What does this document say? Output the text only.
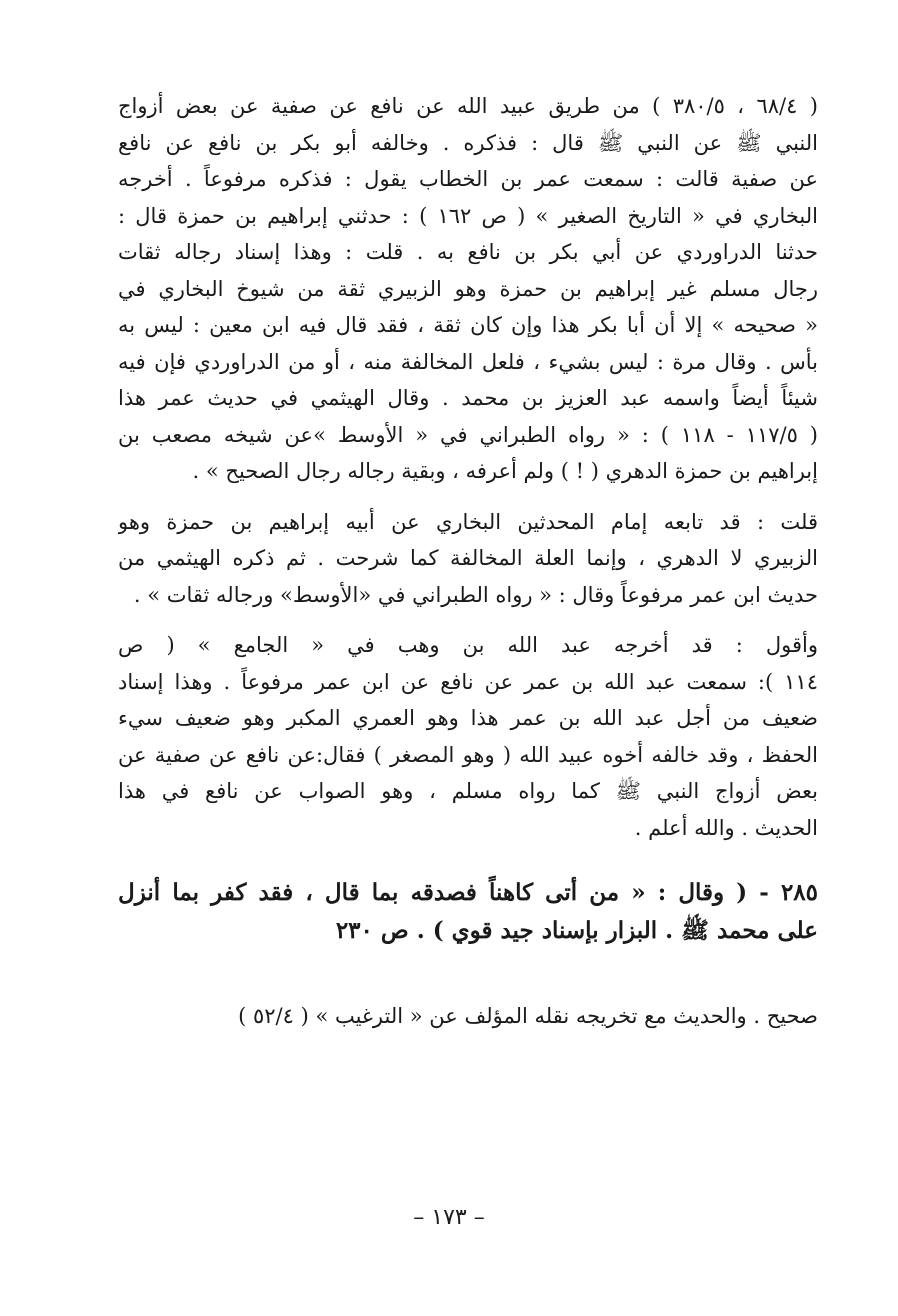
( ٦٨/٤ ، ٣٨٠/٥ ) من طريق عبيد الله عن نافع عن صفية عن بعض أزواج
النبي ﷺ عن النبي ﷺ قال : فذكره . وخالفه أبو بكر بن نافع عن نافع
عن صفية قالت : سمعت عمر بن الخطاب يقول : فذكره مرفوعاً . أخرجه
البخاري في « التاريخ الصغير » ( ص ١٦٢ ) : حدثني إبراهيم بن حمزة قال :
حدثنا الدراوردي عن أبي بكر بن نافع به . قلت : وهذا إسناد رجاله ثقات
رجال مسلم غير إبراهيم بن حمزة وهو الزبيري ثقة من شيوخ البخاري في
« صحيحه » إلا أن أبا بكر هذا وإن كان ثقة ، فقد قال فيه ابن معين : ليس به
بأس . وقال مرة : ليس بشيء ، فلعل المخالفة منه ، أو من الدراوردي فإن فيه
شيئاً أيضاً واسمه عبد العزيز بن محمد . وقال الهيثمي في حديث عمر هذا
( ١١٧/٥ - ١١٨ ) : « رواه الطبراني في « الأوسط »عن شيخه مصعب بن
إبراهيم بن حمزة الدهري ( ! ) ولم أعرفه ، وبقية رجاله رجال الصحيح » .
قلت : قد تابعه إمام المحدثين البخاري عن أبيه إبراهيم بن حمزة وهو
الزبيري لا الدهري ، وإنما العلة المخالفة كما شرحت . ثم ذكره الهيثمي من
حديث ابن عمر مرفوعاً وقال : « رواه الطبراني في «الأوسط» ورجاله ثقات » .
وأقول : قد أخرجه عبد الله بن وهب في « الجامع » ( ص
١١٤ ): سمعت عبد الله بن عمر عن نافع عن ابن عمر مرفوعاً . وهذا إسناد
ضعيف من أجل عبد الله بن عمر هذا وهو العمري المكبر وهو ضعيف سيء
الحفظ ، وقد خالفه أخوه عبيد الله ( وهو المصغر ) فقال:عن نافع عن صفية عن
بعض أزواج النبي ﷺ كما رواه مسلم ، وهو الصواب عن نافع في هذا
الحديث . والله أعلم .
٢٨٥ - ( وقال : « من أتى كاهناً فصدقه بما قال ، فقد كفر بما أنزل
على محمد ﷺ . البزار بإسناد جيد قوي ) . ص ٢٣٠
صحيح . والحديث مع تخريجه نقله المؤلف عن « الترغيب » ( ٥٢/٤ )
– ١٧٣ –
